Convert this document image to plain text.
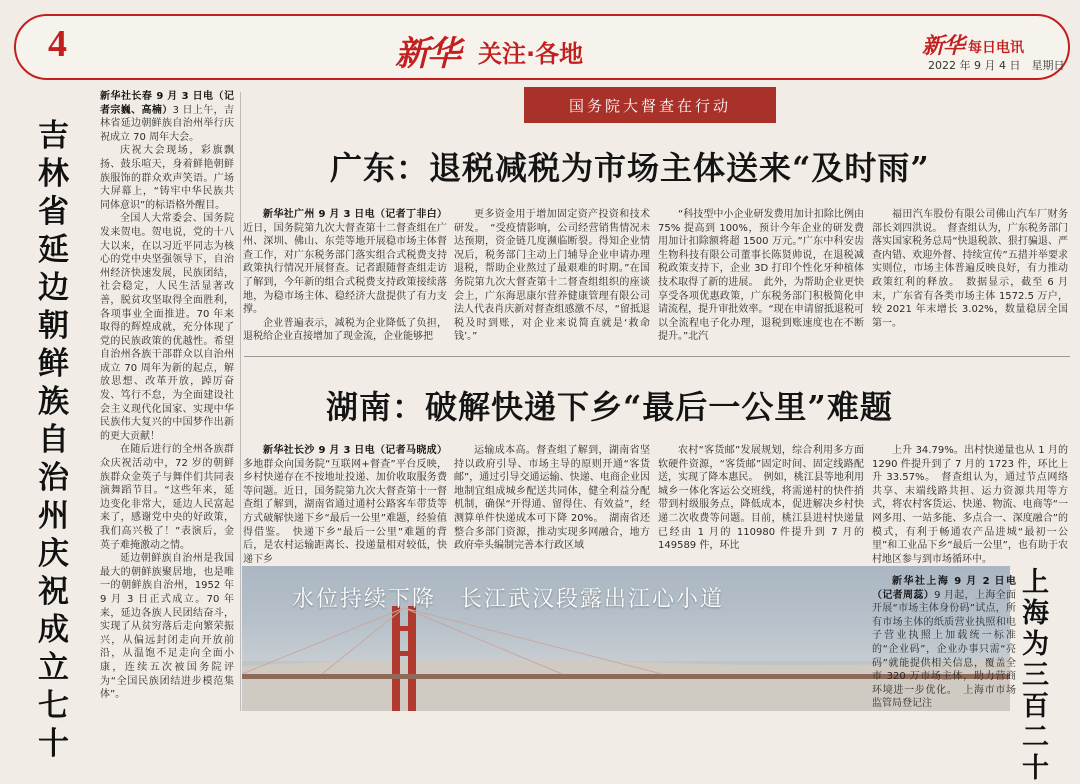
4	新华 关注·各地	新华 每日电讯
2022 年 9 月 4 日　星期日
国务院大督查在行动
吉林省延边朝鲜族自治州庆祝成立七十

新华社长春 9 月 3 日电（记者宗巍、高楠）3 日上午，吉林省延边朝鲜族自治州举行庆祝成立 70 周年大会。

庆祝大会现场，彩旗飘扬、鼓乐喧天，身着鲜艳朝鲜族服饰的群众欢声笑语。广场大屏幕上，“铸牢中华民族共同体意识”的标语格外醒目。

全国人大常委会、国务院发来贺电。贺电说，党的十八大以来，在以习近平同志为核心的党中央坚强领导下，自治州经济快速发展，民族团结，社会稳定，人民生活显著改善，脱贫攻坚取得全面胜利，各项事业全面推进。70 年来取得的辉煌成就，充分体现了党的民族政策的优越性。希望自治州各族干部群众以自治州成立 70 周年为新的起点，解放思想、改革开放，踔厉奋发、笃行不怠，为全面建设社会主义现代化国家、实现中华民族伟大复兴的中国梦作出新的更大贡献！

在随后进行的全州各族群众庆祝活动中，72 岁的朝鲜族群众金英子与舞伴们共同表演舞蹈节目。“这些年来，延边变化非常大，延边人民富起来了，感谢党中央的好政策，我们高兴极了！”表演后，金英子难掩激动之情。

延边朝鲜族自治州是我国最大的朝鲜族聚居地，也是唯一的朝鲜族自治州，1952 年 9 月 3 日正式成立。70 年来，延边各族人民团结奋斗，实现了从贫穷落后走向繁荣振兴，从偏远封闭走向开放前沿，从温饱不足走向全面小康，连续五次被国务院评为“全国民族团结进步模范集体”。

广东：退税减税为市场主体送来“及时雨”

新华社广州 9 月 3 日电（记者丁非白）近日，国务院第九次大督查第十二督查组在广州、深圳、佛山、东莞等地开展稳市场主体督查工作，对广东税务部门落实组合式税费支持政策执行情况开展督查。记者跟随督查组走访了解到，今年新的组合式税费支持政策接续落地，为稳市场主体、稳经济大盘提供了有力支撑。

企业普遍表示，减税为企业降低了负担，退税给企业直接增加了现金流，企业能够把

更多资金用于增加固定资产投资和技术研发。　“受疫情影响，公司经营销售情况未达预期，资金链几度濒临断裂。得知企业情况后，税务部门主动上门辅导企业申请办理退税，帮助企业熬过了最艰难的时期。”在国务院第九次大督查第十二督查组组织的座谈会上，广东海思康尔营养健康管理有限公司法人代表肖庆新对督查组感激不尽，“留抵退税及时到账，对企业来说简直就是‘救命钱’。”

“科技型中小企业研发费用加计扣除比例由 75% 提高到 100%，预计今年企业的研发费用加计扣除额将超 1500 万元。”广东中科安齿生物科技有限公司董事长陈贤帅说，在退税减税政策支持下，企业 3D 打印个性化牙种植体技术取得了新的进展。　此外，为帮助企业更快享受各项优惠政策，广东税务部门积极简化申请流程，提升审批效率。“现在申请留抵退税可以全流程电子化办理，退税到账速度也在不断提升。”北汽

福田汽车股份有限公司佛山汽车厂财务部长刘四洪说。　督查组认为，广东税务部门落实国家税务总局“快退税款、狠打骗退、严查内错、欢迎外督、持续宣传”五措并举要求实则位，市场主体普遍反映良好，有力推动政策红利的释放。　数据显示，截至 6 月末，广东省有各类市场主体 1572.5 万户，较 2021 年末增长 3.02%，数量稳居全国第一。

湖南：破解快递下乡“最后一公里”难题

新华社长沙 9 月 3 日电（记者马晓成）多地群众向国务院“互联网+督查”平台反映，乡村快递存在不按地址投递、加价收取服务费等问题。近日，国务院第九次大督查第十一督查组了解到，湖南省通过通村公路客车带货等方式破解快递下乡“最后一公里”难题，经验值得借鉴。　快递下乡“最后一公里”难题的背后，是农村运输距离长、投递量相对较低，快递下乡

运输成本高。督查组了解到，湖南省坚持以政府引导、市场主导的原则开通“客货邮”，通过引导交通运输、快递、电商企业因地制宜组成城乡配送共同体，健全利益分配机制，确保“开得通、留得住、有效益”，经测算单件快递成本可下降 20%。　湖南省还整合多部门资源，推动实现多网融合，地方政府牵头编制完善本行政区域

农村“客货邮”发展规划，综合利用多方面软硬件资源，“客货邮”固定时间、固定线路配送，实现了降本惠民。　例如，桃江县等地利用城乡一体化客运公交班线，将需递村的快件捎带到村级服务点，降低成本，促进解决乡村快递二次收费等问题。目前，桃江县进村快递量已经由 1 月的 110980 件提升到 7 月的 149589 件，环比

上升 34.79%。出村快递量也从 1 月的 1290 件提升到了 7 月的 1723 件，环比上升 33.57%。　督查组认为，通过节点网络共享、末端线路共担、运力资源共用等方式，将农村客货运、快递、物流、电商等“一网多用、一站多能、多点合一、深度融合”的模式，有利于畅通农产品进城“最初一公里”和工业品下乡“最后一公里”，也有助于农村地区参与到市场循环中。

水位持续下降　长江武汉段露出江心小道

新华社上海 9 月 2 日电（记者周蕊）9 月起，上海全面开展“市场主体身份码”试点，所有市场主体的纸质营业执照和电子营业执照上加载统一标准的“企业码”，企业办事只需“亮码”就能提供相关信息，覆盖全市 320 万市场主体，助力营商环境进一步优化。　上海市市场监管局登记注

上海为三百二十
